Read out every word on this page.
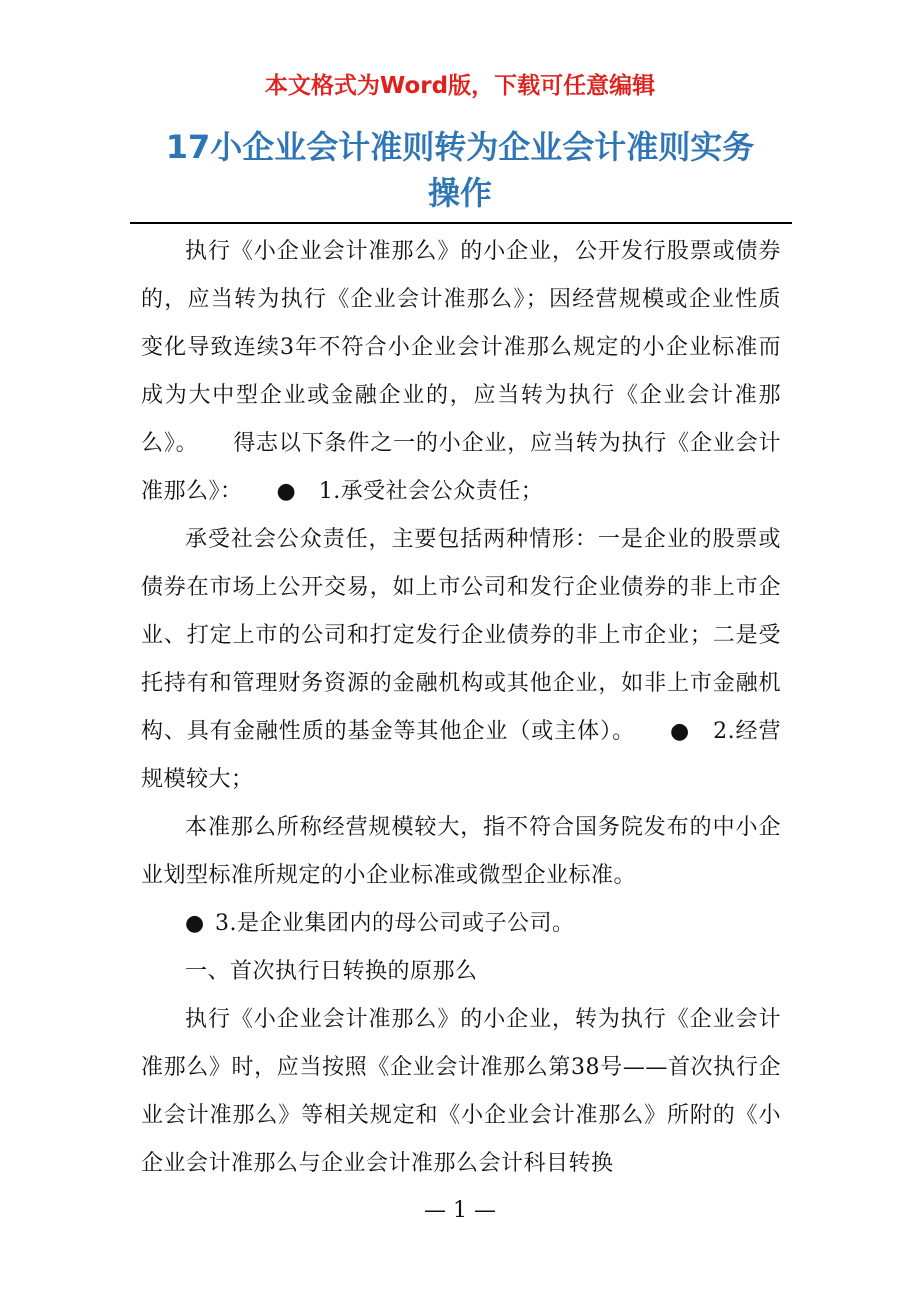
本文格式为Word版，下载可任意编辑
17小企业会计准则转为企业会计准则实务
操作

执行《小企业会计准那么》的小企业，公开发行股票或债券的，应当转为执行《企业会计准那么》；因经营规模或企业性质变化导致连续3年不符合小企业会计准那么规定的小企业标准而成为大中型企业或金融企业的，应当转为执行《企业会计准那么》。　　得志以下条件之一的小企业，应当转为执行《企业会计准那么》：　　●　1.承受社会公众责任；

承受社会公众责任，主要包括两种情形：一是企业的股票或债券在市场上公开交易，如上市公司和发行企业债券的非上市企业、打定上市的公司和打定发行企业债券的非上市企业；二是受托持有和管理财务资源的金融机构或其他企业，如非上市金融机构、具有金融性质的基金等其他企业（或主体）。　　●　2.经营规模较大；

本准那么所称经营规模较大，指不符合国务院发布的中小企业划型标准所规定的小企业标准或微型企业标准。

● 3.是企业集团内的母公司或子公司。

一、首次执行日转换的原那么

执行《小企业会计准那么》的小企业，转为执行《企业会计准那么》时，应当按照《企业会计准那么第38号——首次执行企业会计准那么》等相关规定和《小企业会计准那么》所附的《小企业会计准那么与企业会计准那么会计科目转换

— 1 —
